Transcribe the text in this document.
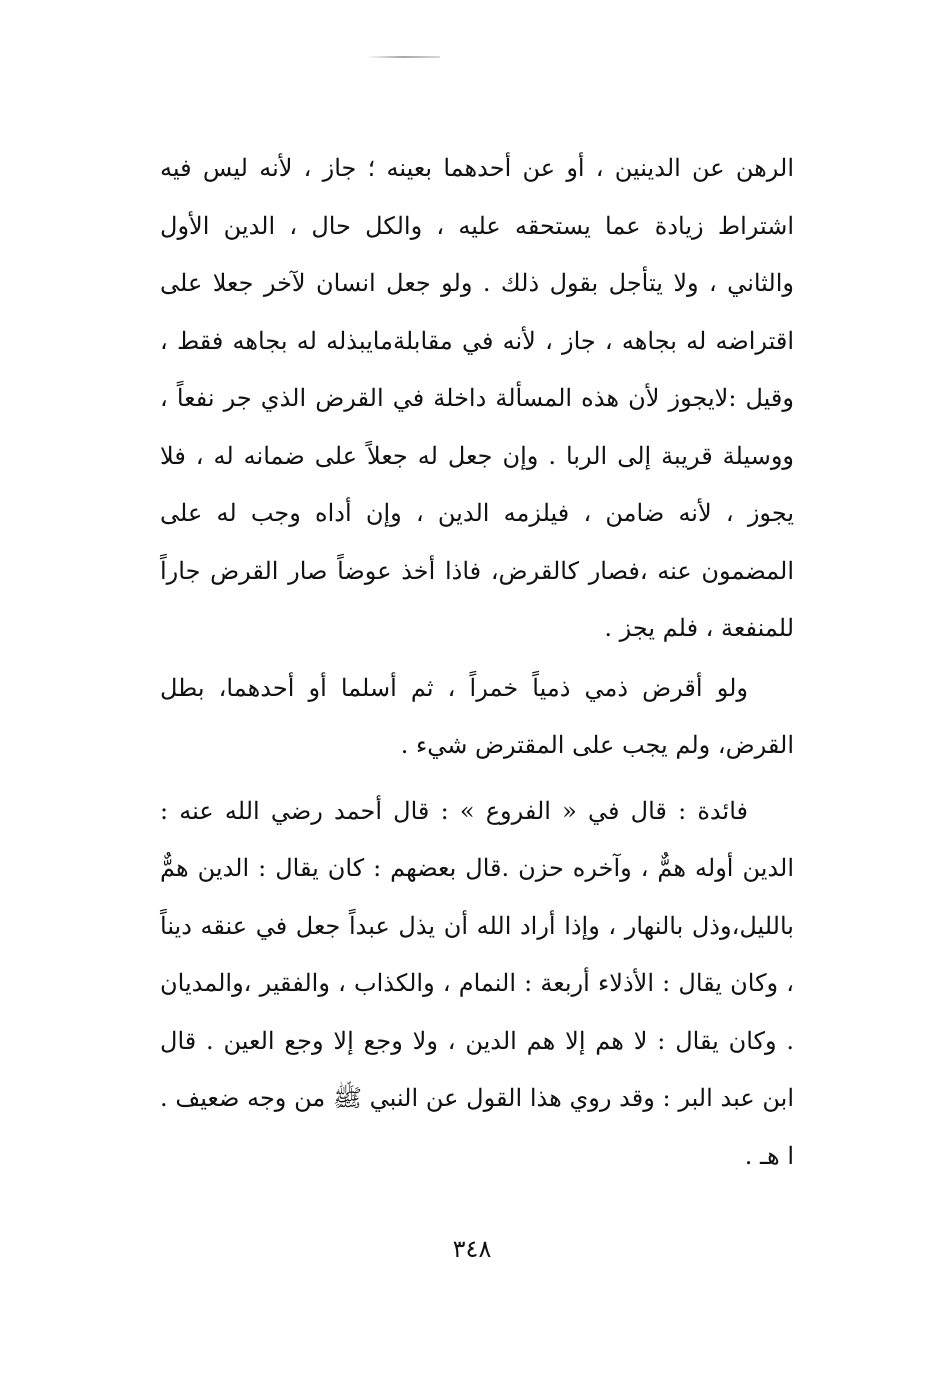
الرهن عن الدينين ، أو عن أحدهما بعينه ؛ جاز ، لأنه ليس فيه اشتراط زيادة عما يستحقه عليه ، والكل حال ، الدين الأول والثاني ، ولا يتأجل بقول ذلك . ولو جعل انسان لآخر جعلا على اقتراضه له بجاهه ، جاز ، لأنه في مقابلةمايبذله له بجاهه فقط ، وقيل :لايجوز لأن هذه المسألة داخلة في القرض الذي جر نفعاً ، ووسيلة قريبة إلى الربا . وإن جعل له جعلاً على ضمانه له ، فلا يجوز ، لأنه ضامن ، فيلزمه الدين ، وإن أداه وجب له على المضمون عنه ،فصار كالقرض، فاذا أخذ عوضاً صار القرض جاراً للمنفعة ، فلم يجز .

ولو أقرض ذمي ذمياً خمراً ، ثم أسلما أو أحدهما، بطل القرض، ولم يجب على المقترض شيء .

فائدة : قال في « الفروع » : قال أحمد رضي الله عنه : الدين أوله همٌّ ، وآخره حزن .قال بعضهم : كان يقال : الدين همٌّ بالليل،وذل بالنهار ، وإذا أراد الله أن يذل عبداً جعل في عنقه ديناً ، وكان يقال : الأذلاء أربعة : النمام ، والكذاب ، والفقير ،والمديان . وكان يقال : لا هم إلا هم الدين ، ولا وجع إلا وجع العين . قال ابن عبد البر : وقد روي هذا القول عن النبي ﷺ من وجه ضعيف . ا هـ .

٣٤٨
